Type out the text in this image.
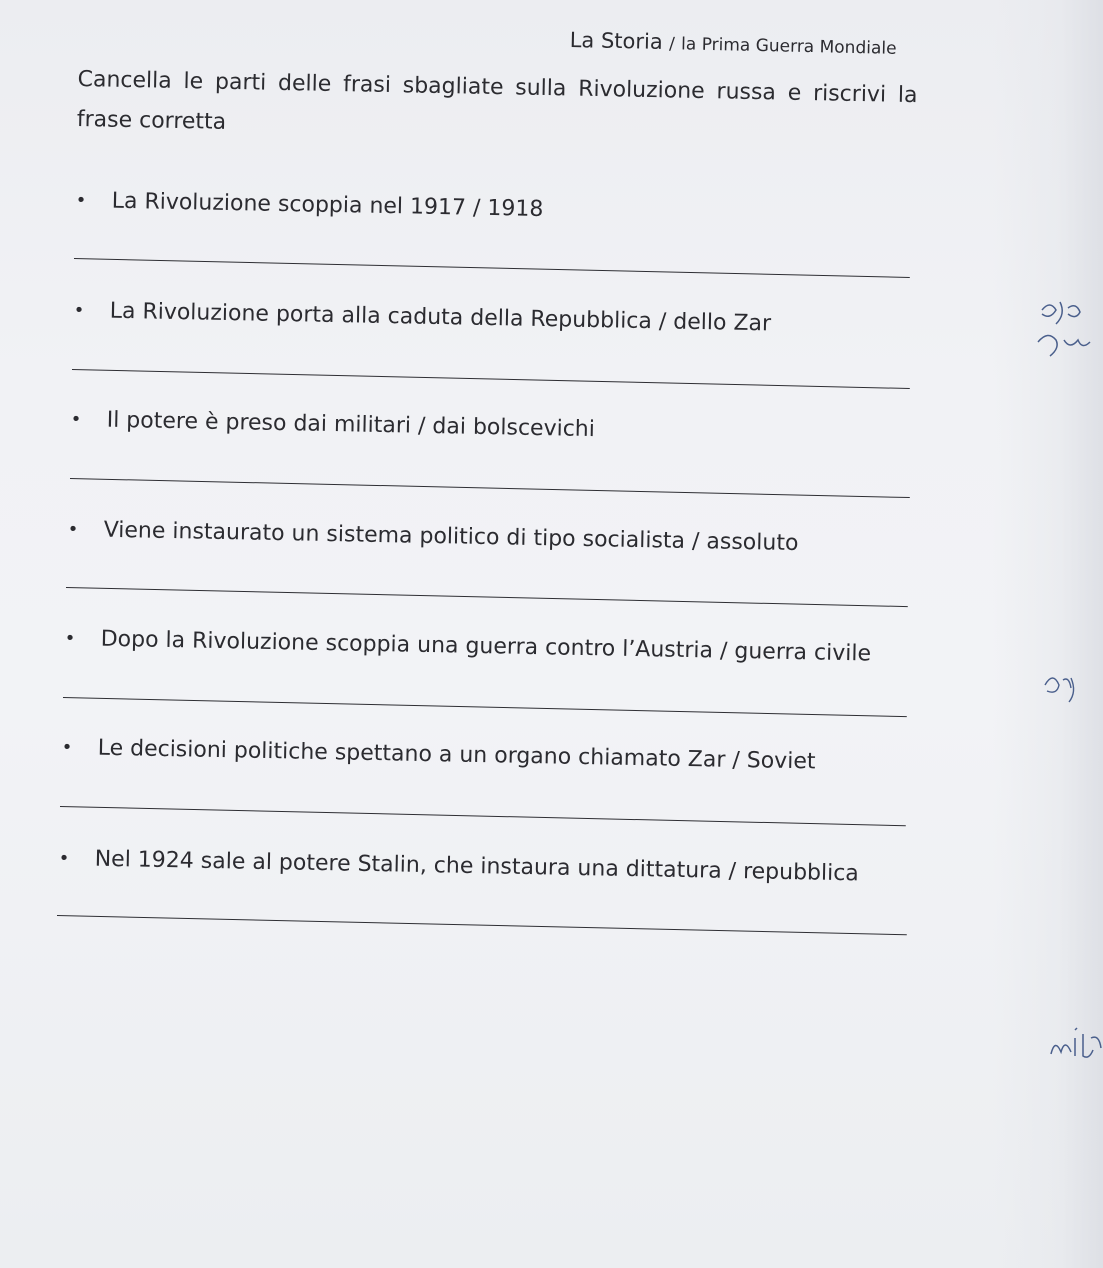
La Storia / la Prima Guerra Mondiale
Cancella le parti delle frasi sbagliate sulla Rivoluzione russa e riscrivi la frase corretta
• La Rivoluzione scoppia nel 1917 / 1918
• La Rivoluzione porta alla caduta della Repubblica / dello Zar
• Il potere è preso dai militari / dai bolscevichi
• Viene instaurato un sistema politico di tipo socialista / assoluto
• Dopo la Rivoluzione scoppia una guerra contro l’Austria / guerra civile
• Le decisioni politiche spettano a un organo chiamato Zar / Soviet
• Nel 1924 sale al potere Stalin, che instaura una dittatura / repubblica
